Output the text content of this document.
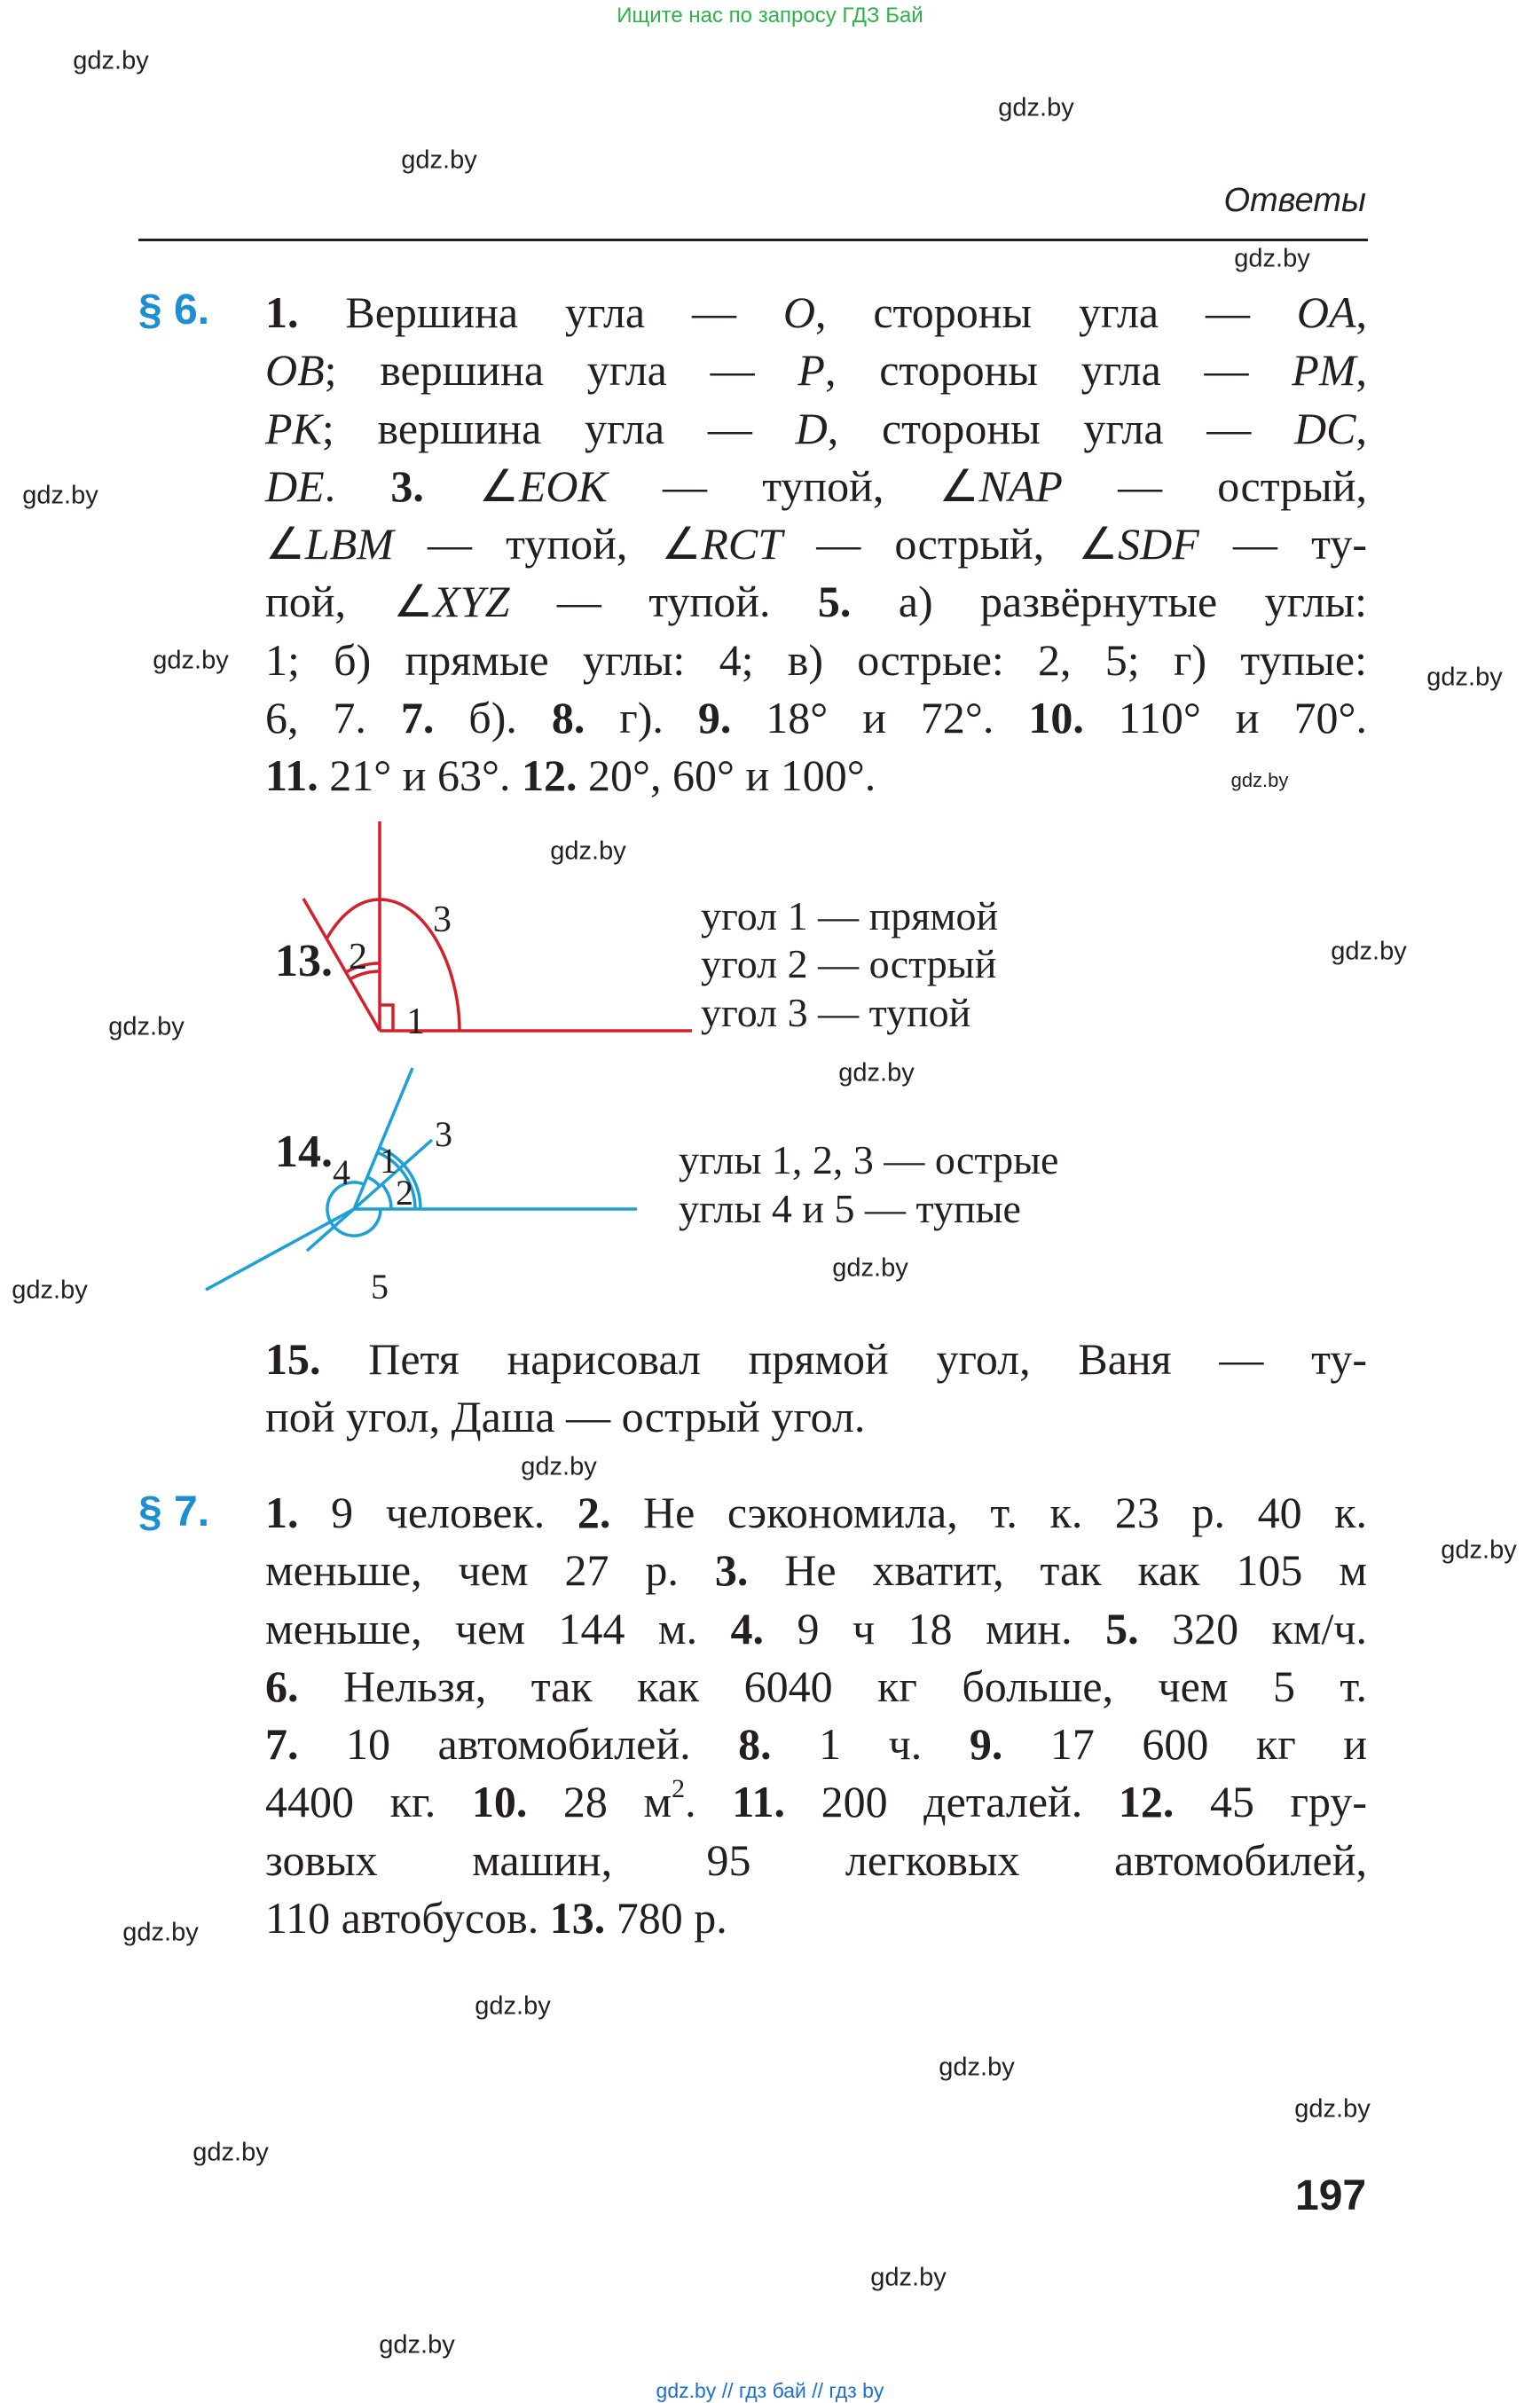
Ищите нас по запросу ГДЗ Бай
Ответы
§ 6. 1. Вершина угла — O, стороны угла — OA,
OB; вершина угла — P, стороны угла — PM,
PK; вершина угла — D, стороны угла — DC,
DE. 3. ∠EOK — тупой, ∠NAP — острый,
∠LBM — тупой, ∠RCT — острый, ∠SDF — ту-
пой, ∠XYZ — тупой. 5. а) развёрнутые углы:
1; б) прямые углы: 4; в) острые: 2, 5; г) тупые:
6, 7. 7. б). 8. г). 9. 18° и 72°. 10. 110° и 70°.
11. 21° и 63°. 12. 20°, 60° и 100°.
13.
1
2
3	угол 1 — прямой
угол 2 — острый
угол 3 — тупой
14. 1
2
3
4
5
углы 1, 2, 3 — острые
углы 4 и 5 — тупые
15. Петя нарисовал прямой угол, Ваня — ту-
пой угол, Даша — острый угол.
§ 7. 1. 9 человек. 2. Не сэкономила, т. к. 23 р. 40 к.
меньше, чем 27 р. 3. Не хватит, так как 105 м
меньше, чем 144 м. 4. 9 ч 18 мин. 5. 320 км/ч.
6. Нельзя, так как 6040 кг больше, чем 5 т.
7. 10 автомобилей. 8. 1 ч. 9. 17 600 кг и
4400 кг. 10. 28 $м^2$. 11. 200 деталей. 12. 45 гру-
зовых машин, 95 легковых автомобилей,
110 автобусов. 13. 780 р.
197
gdz.by // гдз бай // гдз by
gdz.by
gdz.by
gdz.by
gdz.by
gdz.by
gdz.by
gdz.by
gdz.by
gdz.by
gdz.by
gdz.by
gdz.by
gdz.by
gdz.by
gdz.by
gdz.by
gdz.by
gdz.by
gdz.by
gdz.by
gdz.by
gdz.by
gdz.by
